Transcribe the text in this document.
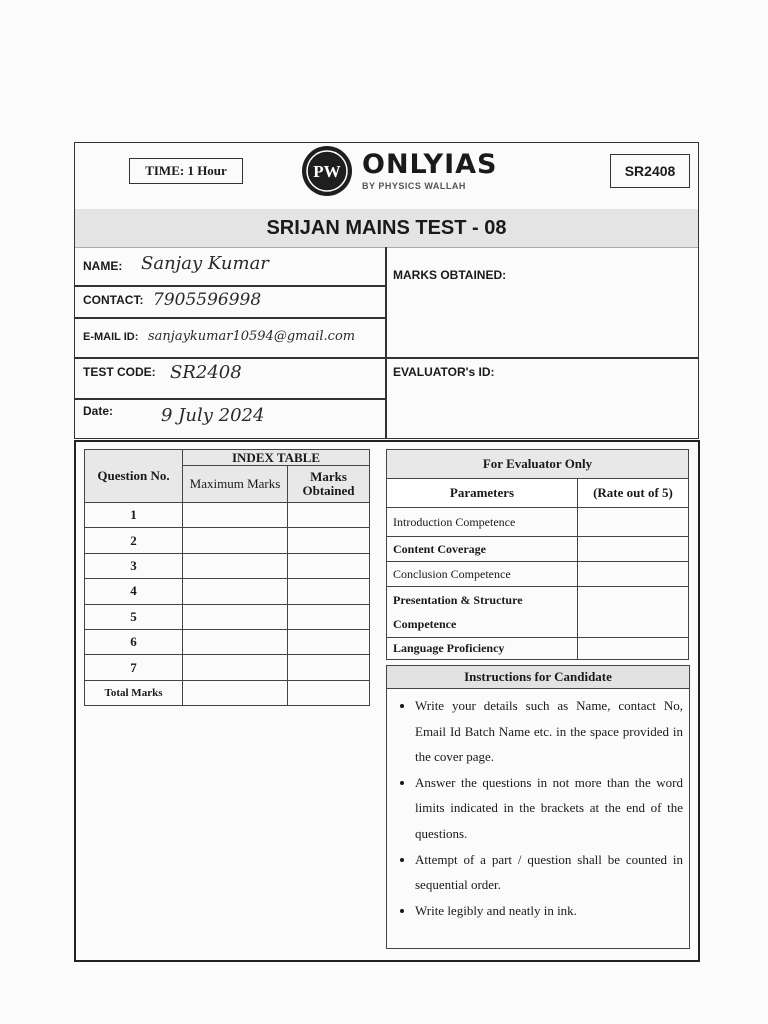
TIME: 1 Hour	PW ONLYIAS
BY PHYSICS WALLAH
SR2408
SRIJAN MAINS TEST - 08
NAME: Sanjay Kumar
CONTACT: 7905596998
E-MAIL ID: sanjaykumar10594@gmail.com
TEST CODE: SR2408
Date:	9 July 2024
MARKS OBTAINED:
EVALUATOR's ID:
Question No.	INDEX TABLE	
	Maximum Marks	Marks Obtained
1		
2		
3		
4		
5		
6		
7		
Total Marks		
For Evaluator Only	
Parameters	(Rate out of 5)
Introduction Competence	
Content Coverage	
Conclusion Competence	
Presentation & Structure Competence	
Language Proficiency	
Instructions for Candidate
• Write your details such as Name, contact No, Email Id Batch Name etc. in the space provided in the cover page.
• Answer the questions in not more than the word limits indicated in the brackets at the end of the questions.
• Attempt of a part / question shall be counted in sequential order.
• Write legibly and neatly in ink.
